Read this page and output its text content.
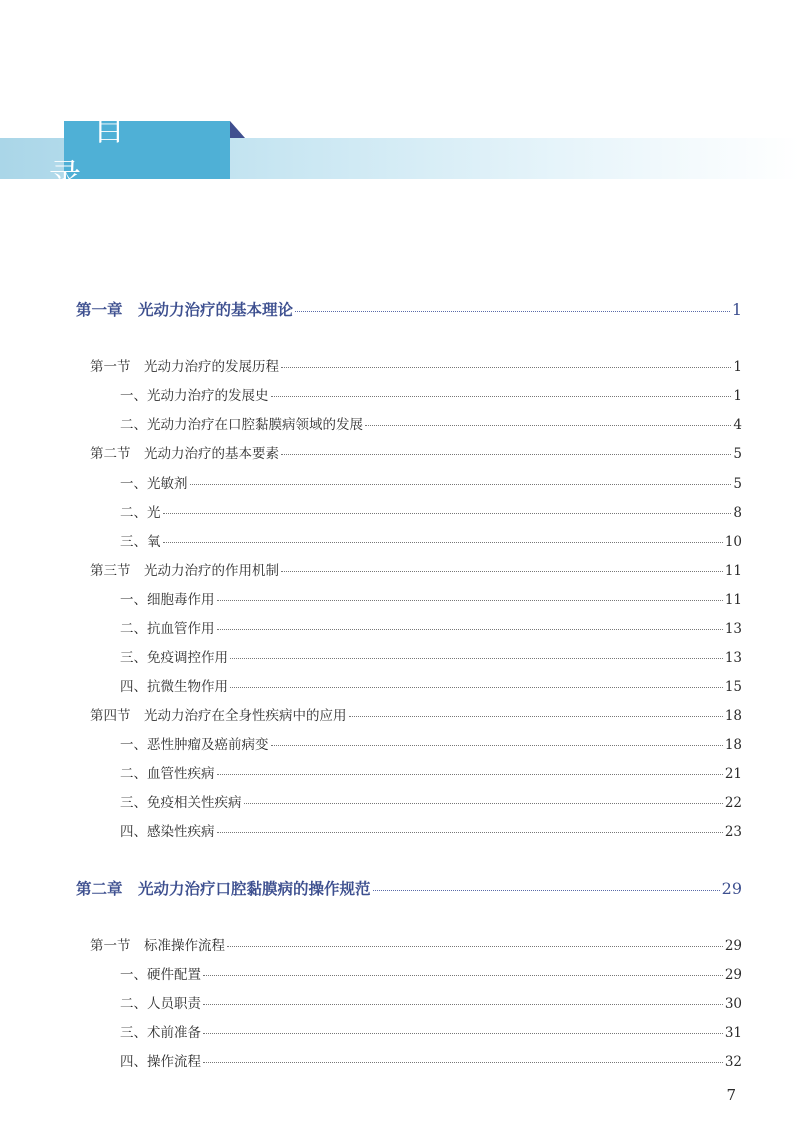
目　录
第一章　光动力治疗的基本理论	1
第一节　光动力治疗的发展历程	1
一、光动力治疗的发展史	1
二、光动力治疗在口腔黏膜病领域的发展	4
第二节　光动力治疗的基本要素	5
一、光敏剂	5
二、光	8
三、氧	10
第三节　光动力治疗的作用机制	11
一、细胞毒作用	11
二、抗血管作用	13
三、免疫调控作用	13
四、抗微生物作用	15
第四节　光动力治疗在全身性疾病中的应用	18
一、恶性肿瘤及癌前病变	18
二、血管性疾病	21
三、免疫相关性疾病	22
四、感染性疾病	23
第二章　光动力治疗口腔黏膜病的操作规范	29
第一节　标准操作流程	29
一、硬件配置	29
二、人员职责	30
三、术前准备	31
四、操作流程	32
7
